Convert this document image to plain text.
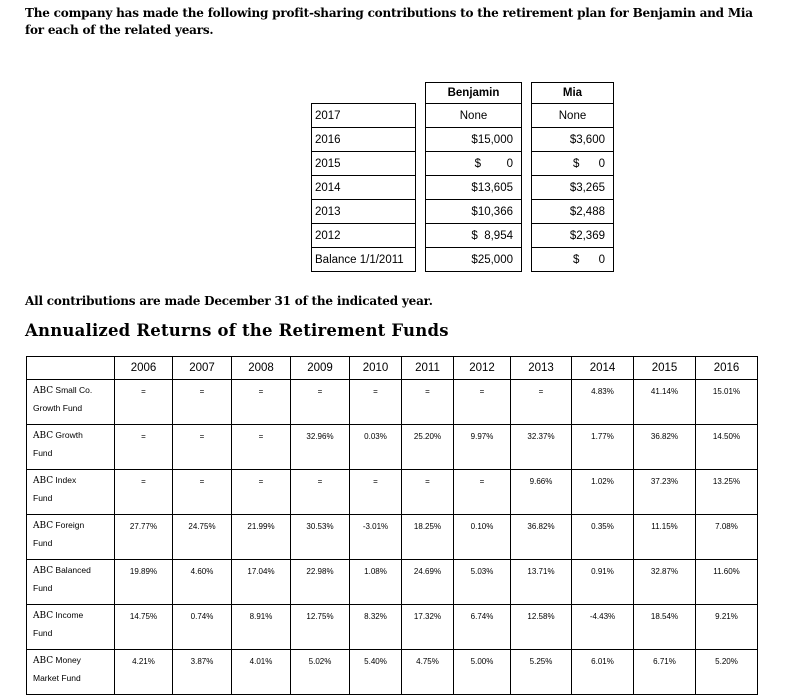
The company has made the following profit-sharing contributions to the retirement plan for Benjamin and Mia for each of the related years.
		Benjamin		Mia
2017		None		None
2016		$15,000		$3,600
2015		$        0		$      0
2014		$13,605		$3,265
2013		$10,366		$2,488
2012		$  8,954		$2,369
Balance 1/1/2011		$25,000		$      0
All contributions are made December 31 of the indicated year.
Annualized Returns of the Retirement Funds
	2006	2007	2008	2009	2010	2011	2012	2013	2014	2015	2016
ABC Small Co.
Growth Fund	=	=	=	=	=	=	=	=	4.83%	41.14%	15.01%
ABC Growth
Fund	=	=	=	32.96%	0.03%	25.20%	9.97%	32.37%	1.77%	36.82%	14.50%
ABC Index
Fund	=	=	=	=	=	=	=	9.66%	1.02%	37.23%	13.25%
ABC Foreign
Fund	27.77%	24.75%	21.99%	30.53%	-3.01%	18.25%	0.10%	36.82%	0.35%	11.15%	7.08%
ABC Balanced
Fund	19.89%	4.60%	17.04%	22.98%	1.08%	24.69%	5.03%	13.71%	0.91%	32.87%	11.60%
ABC Income
Fund	14.75%	0.74%	8.91%	12.75%	8.32%	17.32%	6.74%	12.58%	-4.43%	18.54%	9.21%
ABC Money
Market Fund	4.21%	3.87%	4.01%	5.02%	5.40%	4.75%	5.00%	5.25%	6.01%	6.71%	5.20%
